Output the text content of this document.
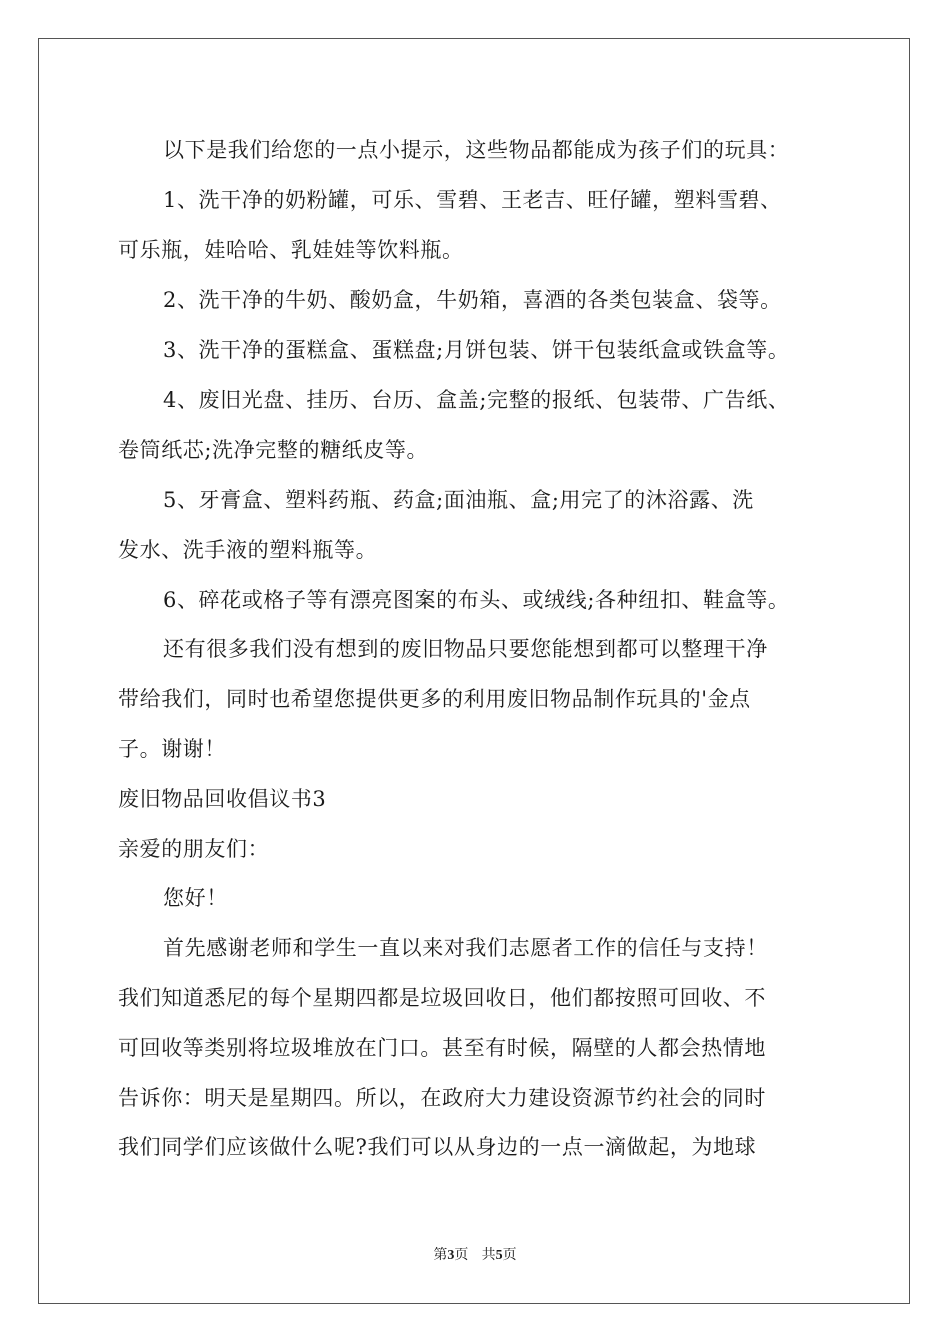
以下是我们给您的一点小提示，这些物品都能成为孩子们的玩具：
1、洗干净的奶粉罐，可乐、雪碧、王老吉、旺仔罐，塑料雪碧、
可乐瓶，娃哈哈、乳娃娃等饮料瓶。
2、洗干净的牛奶、酸奶盒，牛奶箱，喜酒的各类包装盒、袋等。
3、洗干净的蛋糕盒、蛋糕盘;月饼包装、饼干包装纸盒或铁盒等。
4、废旧光盘、挂历、台历、盒盖;完整的报纸、包装带、广告纸、
卷筒纸芯;洗净完整的糖纸皮等。
5、牙膏盒、塑料药瓶、药盒;面油瓶、盒;用完了的沐浴露、洗
发水、洗手液的塑料瓶等。
6、碎花或格子等有漂亮图案的布头、或绒线;各种纽扣、鞋盒等。
还有很多我们没有想到的废旧物品只要您能想到都可以整理干净
带给我们，同时也希望您提供更多的利用废旧物品制作玩具的'金点
子。谢谢！
废旧物品回收倡议书3
亲爱的朋友们：
您好！
首先感谢老师和学生一直以来对我们志愿者工作的信任与支持！
我们知道悉尼的每个星期四都是垃圾回收日，他们都按照可回收、不
可回收等类别将垃圾堆放在门口。甚至有时候，隔壁的人都会热情地
告诉你：明天是星期四。所以，在政府大力建设资源节约社会的同时
我们同学们应该做什么呢?我们可以从身边的一点一滴做起，为地球
第3页 共5页
